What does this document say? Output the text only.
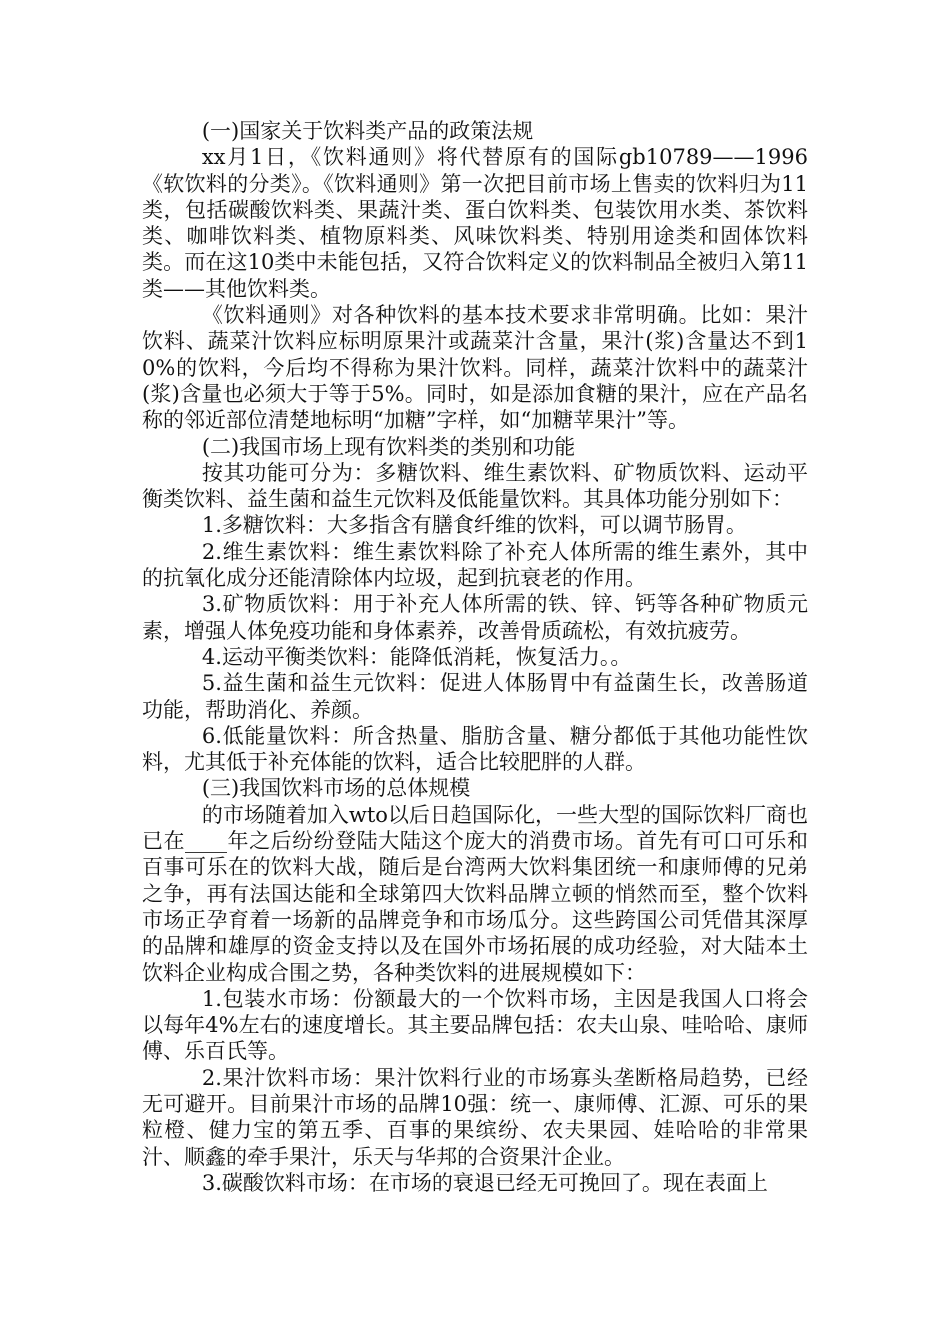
(一)国家关于饮料类产品的政策法规

xx月1日，《饮料通则》将代替原有的国际gb10789——1996《软饮料的分类》。《饮料通则》第一次把目前市场上售卖的饮料归为11类，包括碳酸饮料类、果蔬汁类、蛋白饮料类、包装饮用水类、茶饮料类、咖啡饮料类、植物原料类、风味饮料类、特别用途类和固体饮料类。而在这10类中未能包括，又符合饮料定义的饮料制品全被归入第11类——其他饮料类。

《饮料通则》对各种饮料的基本技术要求非常明确。比如：果汁饮料、蔬菜汁饮料应标明原果汁或蔬菜汁含量，果汁(浆)含量达不到10%的饮料，今后均不得称为果汁饮料。同样，蔬菜汁饮料中的蔬菜汁(浆)含量也必须大于等于5%。同时，如是添加食糖的果汁，应在产品名称的邻近部位清楚地标明“加糖”字样，如“加糖苹果汁”等。

(二)我国市场上现有饮料类的类别和功能

按其功能可分为：多糖饮料、维生素饮料、矿物质饮料、运动平衡类饮料、益生菌和益生元饮料及低能量饮料。其具体功能分别如下：

1.多糖饮料：大多指含有膳食纤维的饮料，可以调节肠胃。

2.维生素饮料：维生素饮料除了补充人体所需的维生素外，其中的抗氧化成分还能清除体内垃圾，起到抗衰老的作用。

3.矿物质饮料：用于补充人体所需的铁、锌、钙等各种矿物质元素，增强人体免疫功能和身体素养，改善骨质疏松，有效抗疲劳。

4.运动平衡类饮料：能降低消耗，恢复活力。。

5.益生菌和益生元饮料：促进人体肠胃中有益菌生长，改善肠道功能，帮助消化、养颜。

6.低能量饮料：所含热量、脂肪含量、糖分都低于其他功能性饮料，尤其低于补充体能的饮料，适合比较肥胖的人群。

(三)我国饮料市场的总体规模

的市场随着加入wto以后日趋国际化，一些大型的国际饮料厂商也已在____年之后纷纷登陆大陆这个庞大的消费市场。首先有可口可乐和百事可乐在的饮料大战，随后是台湾两大饮料集团统一和康师傅的兄弟之争，再有法国达能和全球第四大饮料品牌立顿的悄然而至，整个饮料市场正孕育着一场新的品牌竞争和市场瓜分。这些跨国公司凭借其深厚的品牌和雄厚的资金支持以及在国外市场拓展的成功经验，对大陆本土饮料企业构成合围之势，各种类饮料的进展规模如下：

1.包装水市场：份额最大的一个饮料市场，主因是我国人口将会以每年4%左右的速度增长。其主要品牌包括：农夫山泉、哇哈哈、康师傅、乐百氏等。

2.果汁饮料市场：果汁饮料行业的市场寡头垄断格局趋势，已经无可避开。目前果汁市场的品牌10强：统一、康师傅、汇源、可乐的果粒橙、健力宝的第五季、百事的果缤纷、农夫果园、娃哈哈的非常果汁、顺鑫的牵手果汁，乐天与华邦的合资果汁企业。

3.碳酸饮料市场：在市场的衰退已经无可挽回了。现在表面上
